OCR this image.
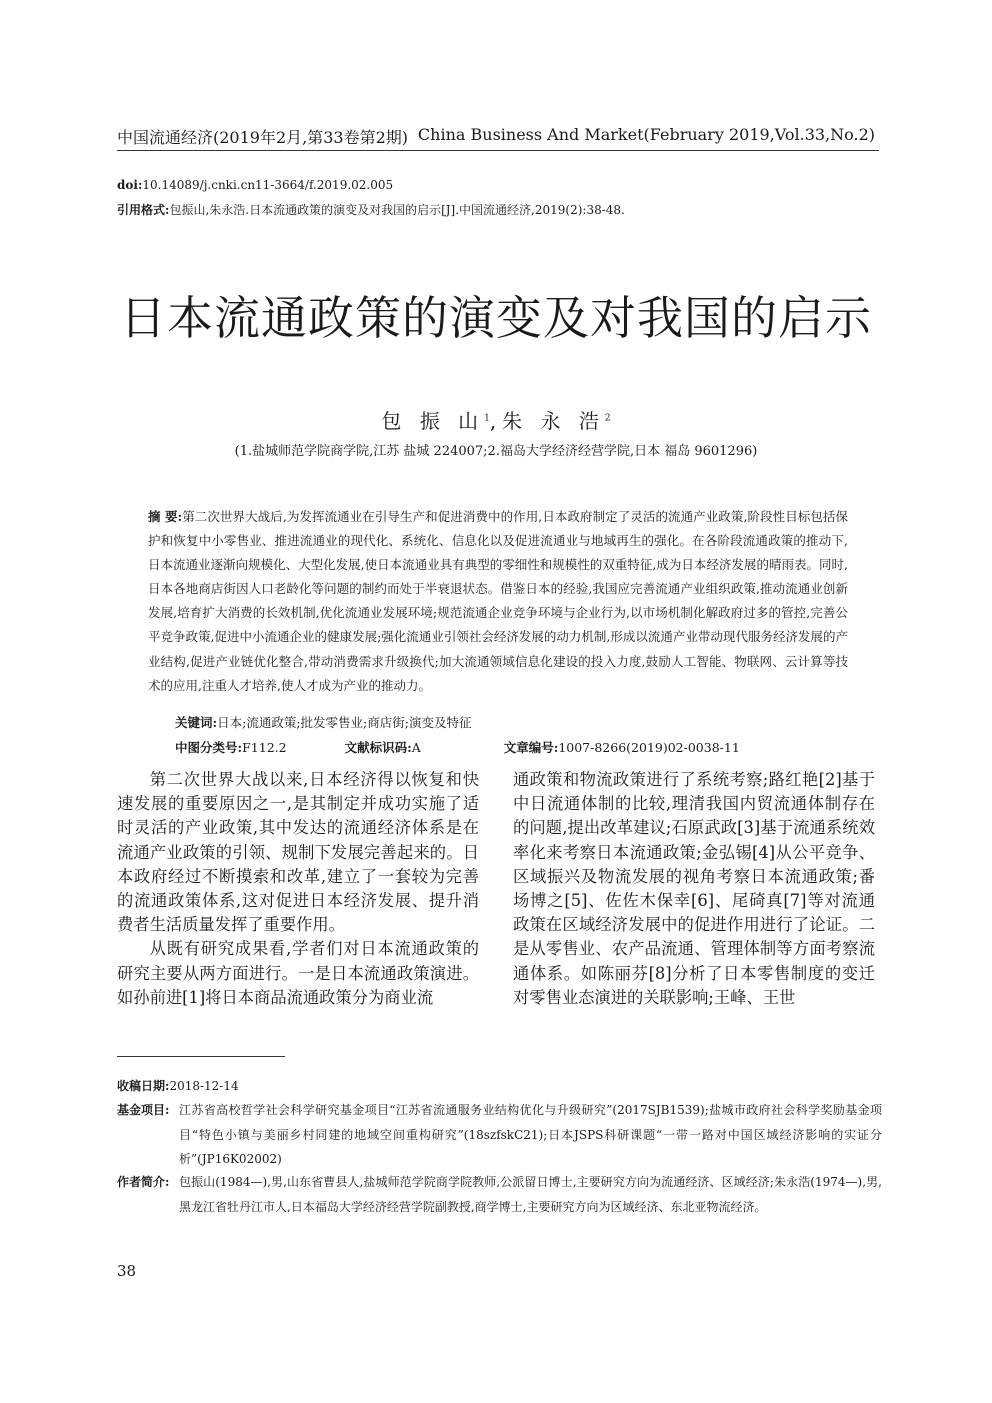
中国流通经济(2019年2月,第33卷第2期) China Business And Market(February 2019,Vol.33,No.2)
doi:10.14089/j.cnki.cn11-3664/f.2019.02.005
引用格式:包振山,朱永浩.日本流通政策的演变及对我国的启示[J].中国流通经济,2019(2):38-48.
日本流通政策的演变及对我国的启示
包 振 山$^1$,朱 永 浩$^2$
(1.盐城师范学院商学院,江苏 盐城 224007;2.福岛大学经济经营学院,日本 福岛 9601296)
摘 要:第二次世界大战后,为发挥流通业在引导生产和促进消费中的作用,日本政府制定了灵活的流通产业政策,阶段性目标包括保护和恢复中小零售业、推进流通业的现代化、系统化、信息化以及促进流通业与地域再生的强化。在各阶段流通政策的推动下,日本流通业逐渐向规模化、大型化发展,使日本流通业具有典型的零细性和规模性的双重特征,成为日本经济发展的晴雨表。同时,日本各地商店街因人口老龄化等问题的制约而处于半衰退状态。借鉴日本的经验,我国应完善流通产业组织政策,推动流通业创新发展,培育扩大消费的长效机制,优化流通业发展环境;规范流通企业竞争环境与企业行为,以市场机制化解政府过多的管控,完善公平竞争政策,促进中小流通企业的健康发展;强化流通业引领社会经济发展的动力机制,形成以流通产业带动现代服务经济发展的产业结构,促进产业链优化整合,带动消费需求升级换代;加大流通领域信息化建设的投入力度,鼓励人工智能、物联网、云计算等技术的应用,注重人才培养,使人才成为产业的推动力。
关键词:日本;流通政策;批发零售业;商店街;演变及特征
中图分类号:F112.2	文献标识码:A	文章编号:1007-8266(2019)02-0038-11

第二次世界大战以来,日本经济得以恢复和快速发展的重要原因之一,是其制定并成功实施了适时灵活的产业政策,其中发达的流通经济体系是在流通产业政策的引领、规制下发展完善起来的。日本政府经过不断摸索和改革,建立了一套较为完善的流通政策体系,这对促进日本经济发展、提升消费者生活质量发挥了重要作用。

从既有研究成果看,学者们对日本流通政策的研究主要从两方面进行。一是日本流通政策演进。如孙前进[1]将日本商品流通政策分为商业流

通政策和物流政策进行了系统考察;路红艳[2]基于中日流通体制的比较,理清我国内贸流通体制存在的问题,提出改革建议;石原武政[3]基于流通系统效率化来考察日本流通政策;金弘锡[4]从公平竞争、区域振兴及物流发展的视角考察日本流通政策;番场博之[5]、佐佐木保幸[6]、尾碕真[7]等对流通政策在区域经济发展中的促进作用进行了论证。二是从零售业、农产品流通、管理体制等方面考察流通体系。如陈丽芬[8]分析了日本零售制度的变迁对零售业态演进的关联影响;王峰、王世

收稿日期:2018-12-14
基金项目: 江苏省高校哲学社会科学研究基金项目“江苏省流通服务业结构优化与升级研究”(2017SJB1539);盐城市政府社会科学奖励基金项目“特色小镇与美丽乡村同建的地域空间重构研究”(18szfskC21);日本JSPS科研课题“一带一路对中国区域经济影响的实证分析”(JP16K02002)
作者简介: 包振山(1984—),男,山东省曹县人,盐城师范学院商学院教师,公派留日博士,主要研究方向为流通经济、区域经济;朱永浩(1974—),男,黑龙江省牡丹江市人,日本福岛大学经济经营学院副教授,商学博士,主要研究方向为区域经济、东北亚物流经济。
38
